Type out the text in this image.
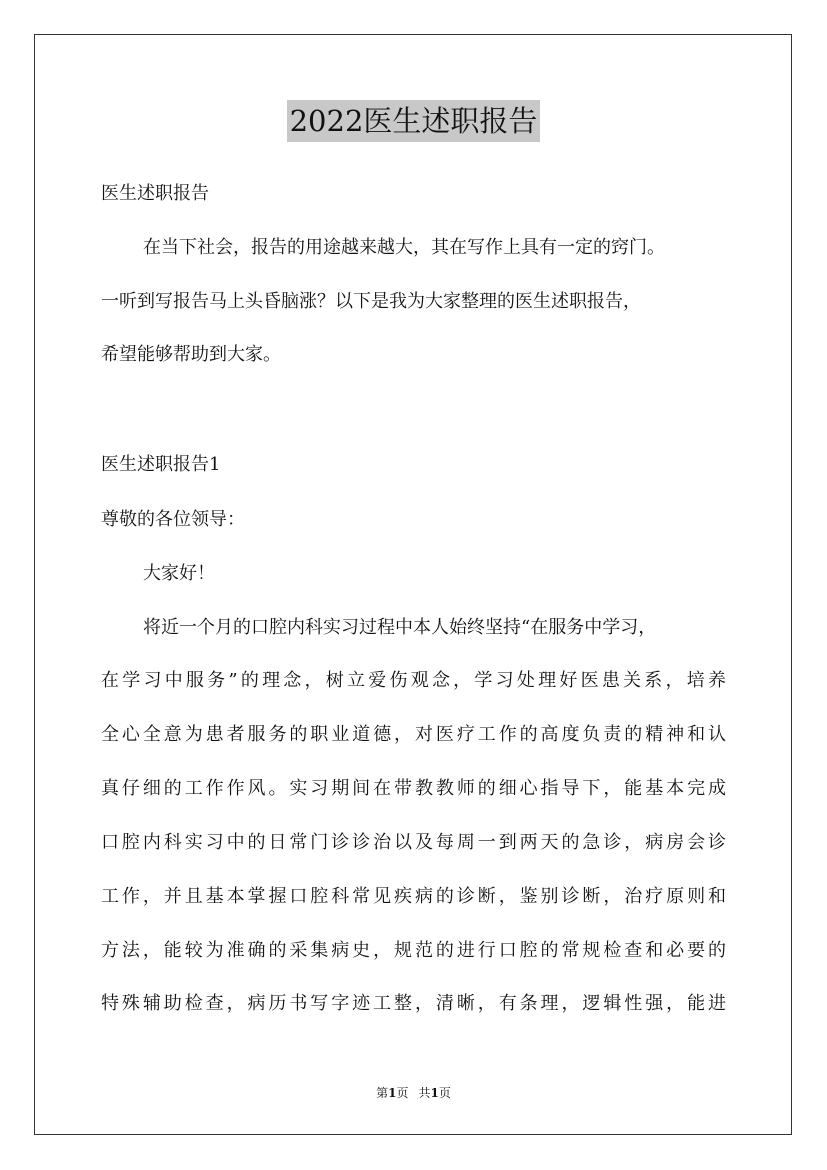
2022医生述职报告
医生述职报告
在当下社会，报告的用途越来越大，其在写作上具有一定的窍门。
一听到写报告马上头昏脑涨？以下是我为大家整理的医生述职报告，
希望能够帮助到大家。
医生述职报告1
尊敬的各位领导：
大家好！
将近一个月的口腔内科实习过程中本人始终坚持“在服务中学习，
在学习中服务”的理念，树立爱伤观念，学习处理好医患关系，培养
全心全意为患者服务的职业道德，对医疗工作的高度负责的精神和认
真仔细的工作作风。实习期间在带教教师的细心指导下，能基本完成
口腔内科实习中的日常门诊诊治以及每周一到两天的急诊，病房会诊
工作，并且基本掌握口腔科常见疾病的诊断，鉴别诊断，治疗原则和
方法，能较为准确的采集病史，规范的进行口腔的常规检查和必要的
特殊辅助检查，病历书写字迹工整，清晰，有条理，逻辑性强，能进
第1页 共1页
